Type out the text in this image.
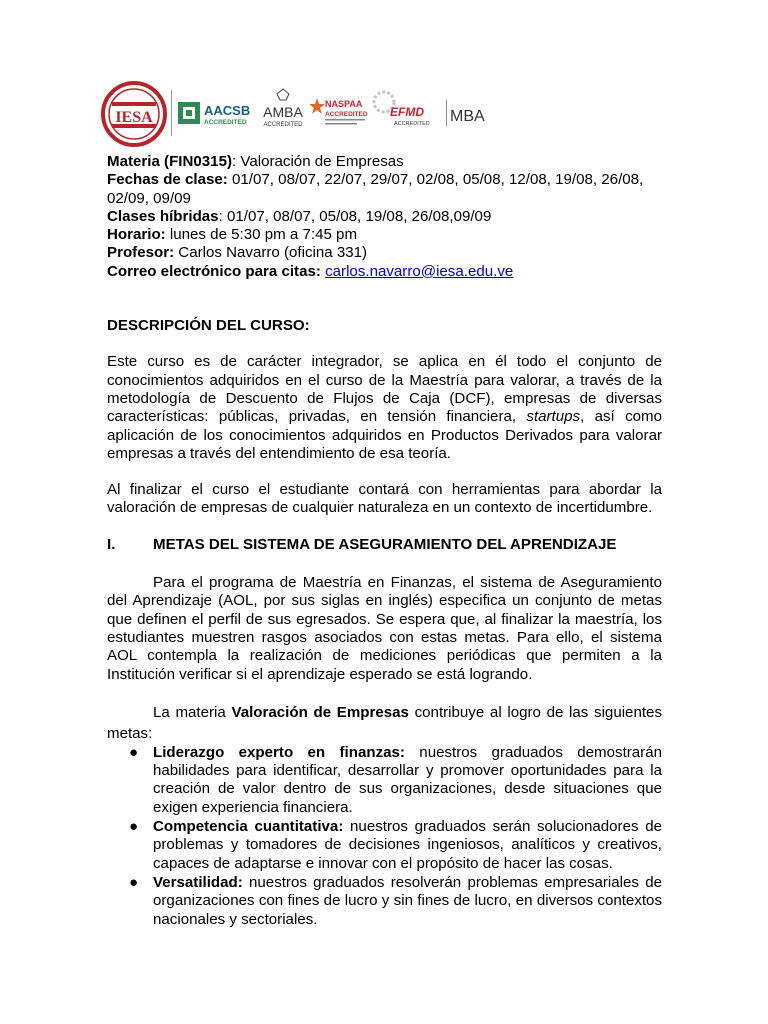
IESA	AACSB
ACCREDITED
AMBA
ACCREDITED
NASPAA
ACCREDITED EFMD
ACCREDITED MBA

Materia (FIN0315): Valoración de Empresas

Fechas de clase: 01/07, 08/07, 22/07, 29/07, 02/08, 05/08, 12/08, 19/08, 26/08, 02/09, 09/09

Clases híbridas: 01/07, 08/07, 05/08, 19/08, 26/08,09/09

Horario: lunes de 5:30 pm a 7:45 pm

Profesor: Carlos Navarro (oficina 331)

Correo electrónico para citas: carlos.navarro@iesa.edu.ve

DESCRIPCIÓN DEL CURSO:

Este curso es de carácter integrador, se aplica en él todo el conjunto de conocimientos adquiridos en el curso de la Maestría para valorar, a través de la metodología de Descuento de Flujos de Caja (DCF), empresas de diversas características: públicas, privadas, en tensión financiera, startups, así como aplicación de los conocimientos adquiridos en Productos Derivados para valorar empresas a través del entendimiento de esa teoría.

Al finalizar el curso el estudiante contará con herramientas para abordar la valoración de empresas de cualquier naturaleza en un contexto de incertidumbre.

I.	METAS DEL SISTEMA DE ASEGURAMIENTO DEL APRENDIZAJE

Para el programa de Maestría en Finanzas, el sistema de Aseguramiento del Aprendizaje (AOL, por sus siglas en inglés) especifica un conjunto de metas que definen el perfil de sus egresados. Se espera que, al finalizar la maestría, los estudiantes muestren rasgos asociados con estas metas. Para ello, el sistema AOL contempla la realización de mediciones periódicas que permiten a la Institución verificar si el aprendizaje esperado se está logrando.

La materia Valoración de Empresas contribuye al logro de las siguientes metas:

● Liderazgo experto en finanzas: nuestros graduados demostrarán habilidades para identificar, desarrollar y promover oportunidades para la creación de valor dentro de sus organizaciones, desde situaciones que exigen experiencia financiera.
● Competencia cuantitativa: nuestros graduados serán solucionadores de problemas y tomadores de decisiones ingeniosos, analíticos y creativos, capaces de adaptarse e innovar con el propósito de hacer las cosas.
● Versatilidad: nuestros graduados resolverán problemas empresariales de organizaciones con fines de lucro y sin fines de lucro, en diversos contextos nacionales y sectoriales.
